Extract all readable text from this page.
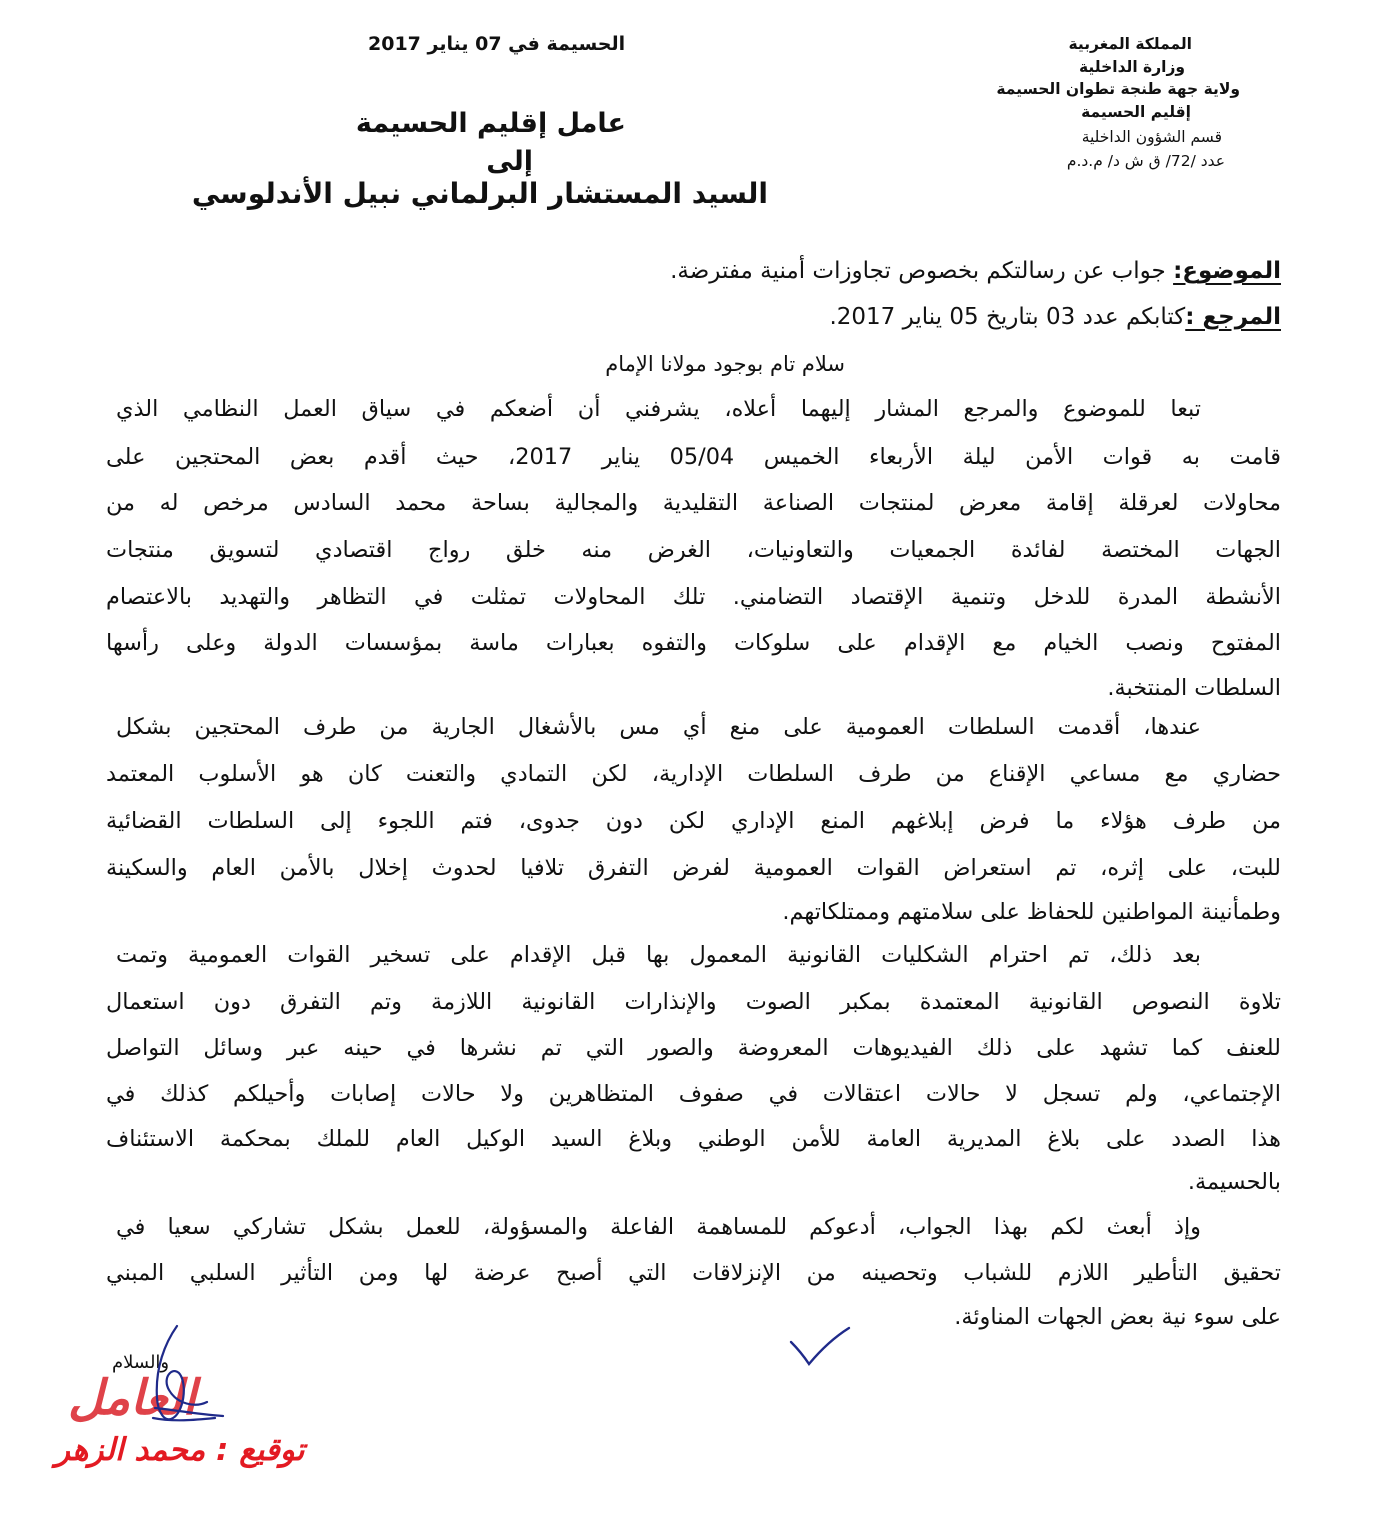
المملكة المغربية
وزارة الداخلية
ولاية جهة طنجة تطوان الحسيمة
إقليم الحسيمة
قسم الشؤون الداخلية
عدد /72/ ق ش د/ م.د.م
الحسيمة في 07 يناير 2017
عامل إقليم الحسيمة
إلى
السيد المستشار البرلماني نبيل الأندلوسي
الموضوع: جواب عن رسالتكم بخصوص تجاوزات أمنية مفترضة.
المرجع :كتابكم عدد 03 بتاريخ 05 يناير 2017.
سلام تام بوجود مولانا الإمام
تبعا للموضوع والمرجع المشار إليهما أعلاه، يشرفني أن أضعكم في سياق العمل النظامي الذي
قامت به قوات الأمن ليلة الأربعاء الخميس 05/04 يناير 2017، حيث أقدم بعض المحتجين على
محاولات لعرقلة إقامة معرض لمنتجات الصناعة التقليدية والمجالية بساحة محمد السادس مرخص له من
الجهات المختصة لفائدة الجمعيات والتعاونيات، الغرض منه خلق رواج اقتصادي لتسويق منتجات
الأنشطة المدرة للدخل وتنمية الإقتصاد التضامني. تلك المحاولات تمثلت في التظاهر والتهديد بالاعتصام
المفتوح ونصب الخيام مع الإقدام على سلوكات والتفوه بعبارات ماسة بمؤسسات الدولة وعلى رأسها
السلطات المنتخبة.
عندها، أقدمت السلطات العمومية على منع أي مس بالأشغال الجارية من طرف المحتجين بشكل
حضاري مع مساعي الإقناع من طرف السلطات الإدارية، لكن التمادي والتعنت كان هو الأسلوب المعتمد
من طرف هؤلاء ما فرض إبلاغهم المنع الإداري لكن دون جدوى، فتم اللجوء إلى السلطات القضائية
للبت، على إثره، تم استعراض القوات العمومية لفرض التفرق تلافيا لحدوث إخلال بالأمن العام والسكينة
وطمأنينة المواطنين للحفاظ على سلامتهم وممتلكاتهم.
بعد ذلك، تم احترام الشكليات القانونية المعمول بها قبل الإقدام على تسخير القوات العمومية وتمت
تلاوة النصوص القانونية المعتمدة بمكبر الصوت والإنذارات القانونية اللازمة وتم التفرق دون استعمال
للعنف كما تشهد على ذلك الفيديوهات المعروضة والصور التي تم نشرها في حينه عبر وسائل التواصل
الإجتماعي، ولم تسجل لا حالات اعتقالات في صفوف المتظاهرين ولا حالات إصابات وأحيلكم كذلك في
هذا الصدد على بلاغ المديرية العامة للأمن الوطني وبلاغ السيد الوكيل العام للملك بمحكمة الاستئناف
بالحسيمة.
وإذ أبعث لكم بهذا الجواب، أدعوكم للمساهمة الفاعلة والمسؤولة، للعمل بشكل تشاركي سعيا في
تحقيق التأطير اللازم للشباب وتحصينه من الإنزلاقات التي أصبح عرضة لها ومن التأثير السلبي المبني
على سوء نية بعض الجهات المناوئة.
والسلام
العامل
توقيع : محمد الزهر
